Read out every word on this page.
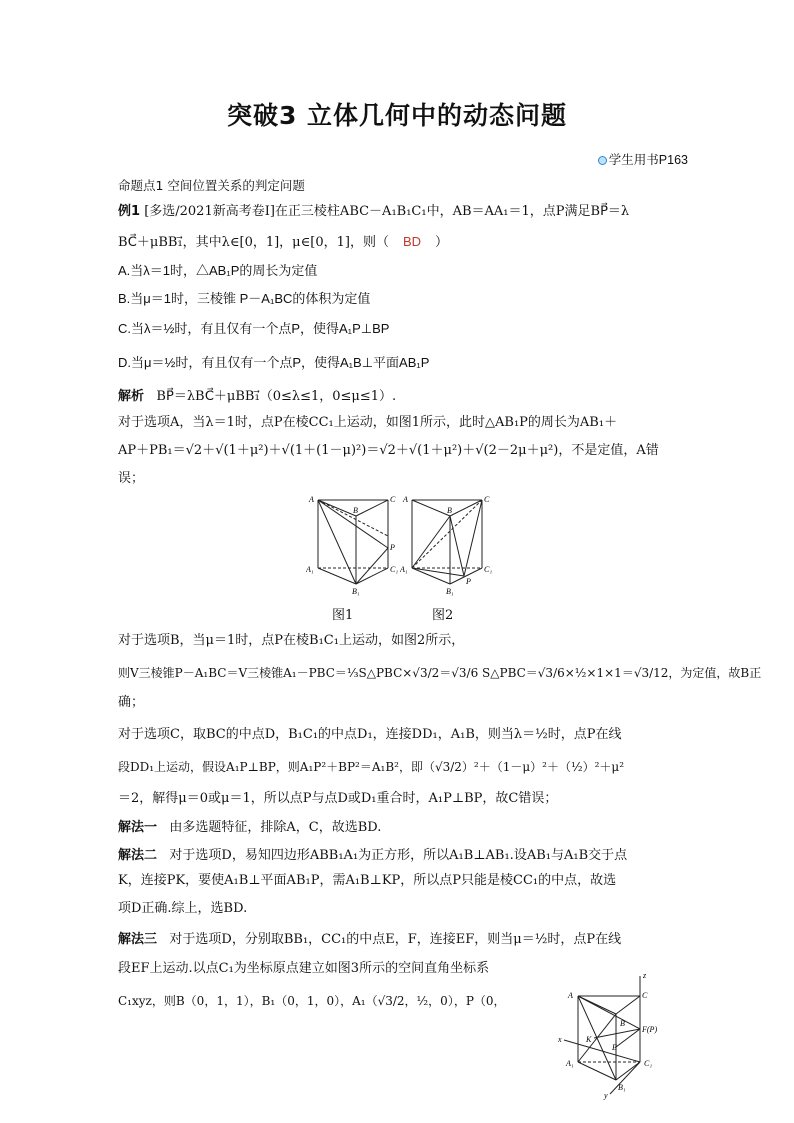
突破3 立体几何中的动态问题
学生用书P163
命题点1 空间位置关系的判定问题
例1 [多选/2021新高考卷Ⅰ]在正三棱柱ABC－A₁B₁C₁中，AB＝AA₁＝1，点P满足BP⃗＝λ
BC⃗＋μBB₁⃗，其中λ∈[0，1]，μ∈[0，1]，则（ BD ）
A.当λ＝1时，△AB₁P的周长为定值
B.当μ＝1时，三棱锥 P－A₁BC的体积为定值
C.当λ＝½时，有且仅有一个点P，使得A₁P⊥BP
D.当μ＝½时，有且仅有一个点P，使得A₁B⊥平面AB₁P
解析 BP⃗＝λBC⃗＋μBB₁⃗（0≤λ≤1，0≤μ≤1）.
对于选项A，当λ＝1时，点P在棱CC₁上运动，如图1所示，此时△AB₁P的周长为AB₁＋
AP＋PB₁＝√2＋√(1＋μ²)＋√(1＋(1－μ)²)＝√2＋√(1＋μ²)＋√(2－2μ＋μ²)，不是定值，A错
误；
A	C
B
P
A₁	C₁
B₁
A	C
B
P
A₁	C₁
B₁
图1	图2
对于选项B，当μ＝1时，点P在棱B₁C₁上运动，如图2所示，
则V三棱锥P－A₁BC＝V三棱锥A₁－PBC＝⅓S△PBC×√3/2＝√3/6 S△PBC＝√3/6×½×1×1＝√3/12，为定值，故B正
确；
对于选项C，取BC的中点D，B₁C₁的中点D₁，连接DD₁，A₁B，则当λ＝½时，点P在线
段DD₁上运动，假设A₁P⊥BP，则A₁P²＋BP²＝A₁B²，即（√3/2）²＋（1－μ）²＋（½）²＋μ²
＝2，解得μ＝0或μ＝1，所以点P与点D或D₁重合时，A₁P⊥BP，故C错误；
解法一 由多选题特征，排除A，C，故选BD.
解法二 对于选项D，易知四边形ABB₁A₁为正方形，所以A₁B⊥AB₁.设AB₁与A₁B交于点
K，连接PK，要使A₁B⊥平面AB₁P，需A₁B⊥KP，所以点P只能是棱CC₁的中点，故选
项D正确.综上，选BD.
解法三 对于选项D，分别取BB₁，CC₁的中点E，F，连接EF，则当μ＝½时，点P在线
段EF上运动.以点C₁为坐标原点建立如图3所示的空间直角坐标系
C₁xyz，则B（0，1，1），B₁（0，1，0），A₁（√3/2，½，0），P（0，	A	C
B
F(P)
K
E
A₁	C₁
B₁
z
x
y
